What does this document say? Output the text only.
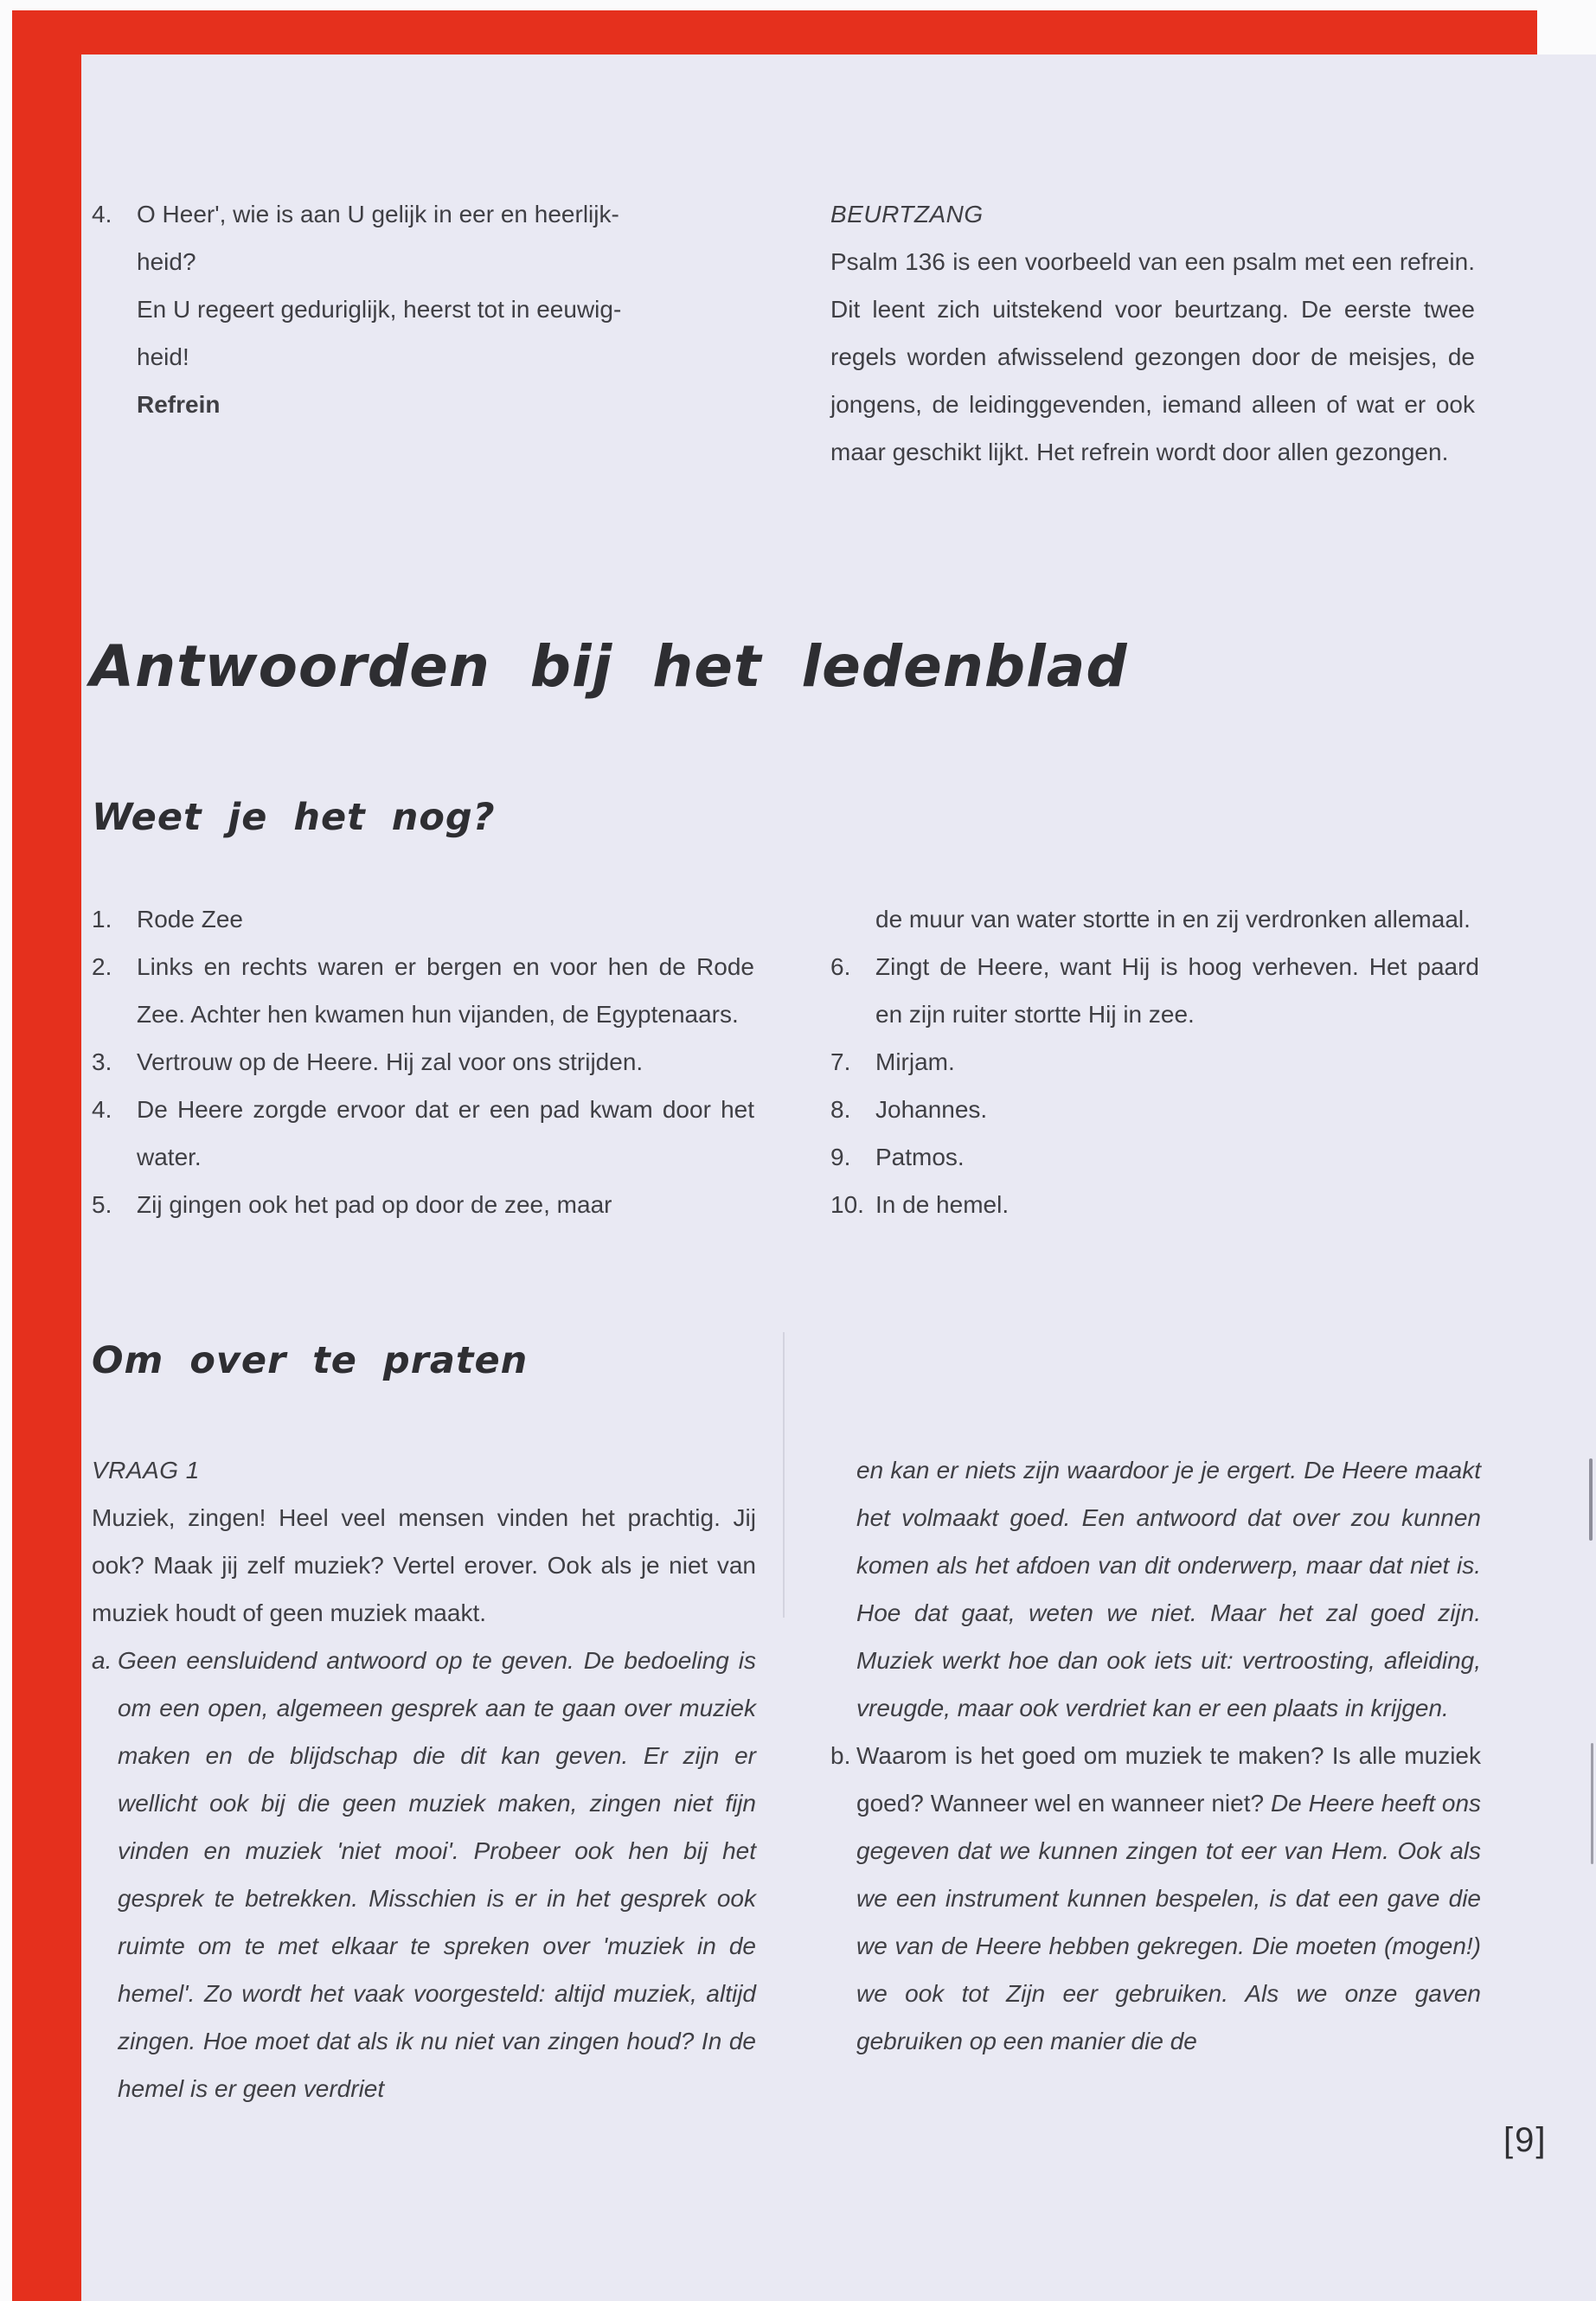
4.	O Heer', wie is aan U gelijk in eer en heerlijk-
heid?
En U regeert geduriglijk, heerst tot in eeuwig-
heid!
Refrein
BEURTZANG

Psalm 136 is een voorbeeld van een psalm met een refrein. Dit leent zich uitstekend voor beurtzang. De eerste twee regels worden afwisselend gezongen door de meisjes, de jongens, de leidinggevenden, iemand alleen of wat er ook maar geschikt lijkt. Het refrein wordt door allen gezongen.

Antwoorden bij het ledenblad
Weet je het nog?
1.	Rode Zee

2.	Links en rechts waren er bergen en voor hen de Rode Zee. Achter hen kwamen hun vijanden, de Egyptenaars.

3.	Vertrouw op de Heere. Hij zal voor ons strijden.

4.	De Heere zorgde ervoor dat er een pad kwam door het water.

5.	Zij gingen ook het pad op door de zee, maar

de muur van water stortte in en zij verdronken allemaal.

6.	Zingt de Heere, want Hij is hoog verheven. Het paard en zijn ruiter stortte Hij in zee.

7.	Mirjam.

8.	Johannes.

9.	Patmos.

10. In de hemel.

Om over te praten
VRAAG 1

Muziek, zingen! Heel veel mensen vinden het prachtig. Jij ook? Maak jij zelf muziek? Vertel erover. Ook als je niet van muziek houdt of geen muziek maakt.

a. Geen eensluidend antwoord op te geven. De bedoeling is om een open, algemeen gesprek aan te gaan over muziek maken en de blijdschap die dit kan geven. Er zijn er wellicht ook bij die geen muziek maken, zingen niet fijn vinden en muziek 'niet mooi'. Probeer ook hen bij het gesprek te betrekken. Misschien is er in het gesprek ook ruimte om te met elkaar te spreken over 'muziek in de hemel'. Zo wordt het vaak voorgesteld: altijd muziek, altijd zingen. Hoe moet dat als ik nu niet van zingen houd? In de hemel is er geen verdriet

en kan er niets zijn waardoor je je ergert. De Heere maakt het volmaakt goed. Een antwoord dat over zou kunnen komen als het afdoen van dit onderwerp, maar dat niet is. Hoe dat gaat, weten we niet. Maar het zal goed zijn. Muziek werkt hoe dan ook iets uit: vertroosting, afleiding, vreugde, maar ook verdriet kan er een plaats in krijgen.

b. Waarom is het goed om muziek te maken? Is alle muziek goed? Wanneer wel en wanneer niet? De Heere heeft ons gegeven dat we kunnen zingen tot eer van Hem. Ook als we een instrument kunnen bespelen, is dat een gave die we van de Heere hebben gekregen. Die moeten (mogen!) we ook tot Zijn eer gebruiken. Als we onze gaven gebruiken op een manier die de

[9]
